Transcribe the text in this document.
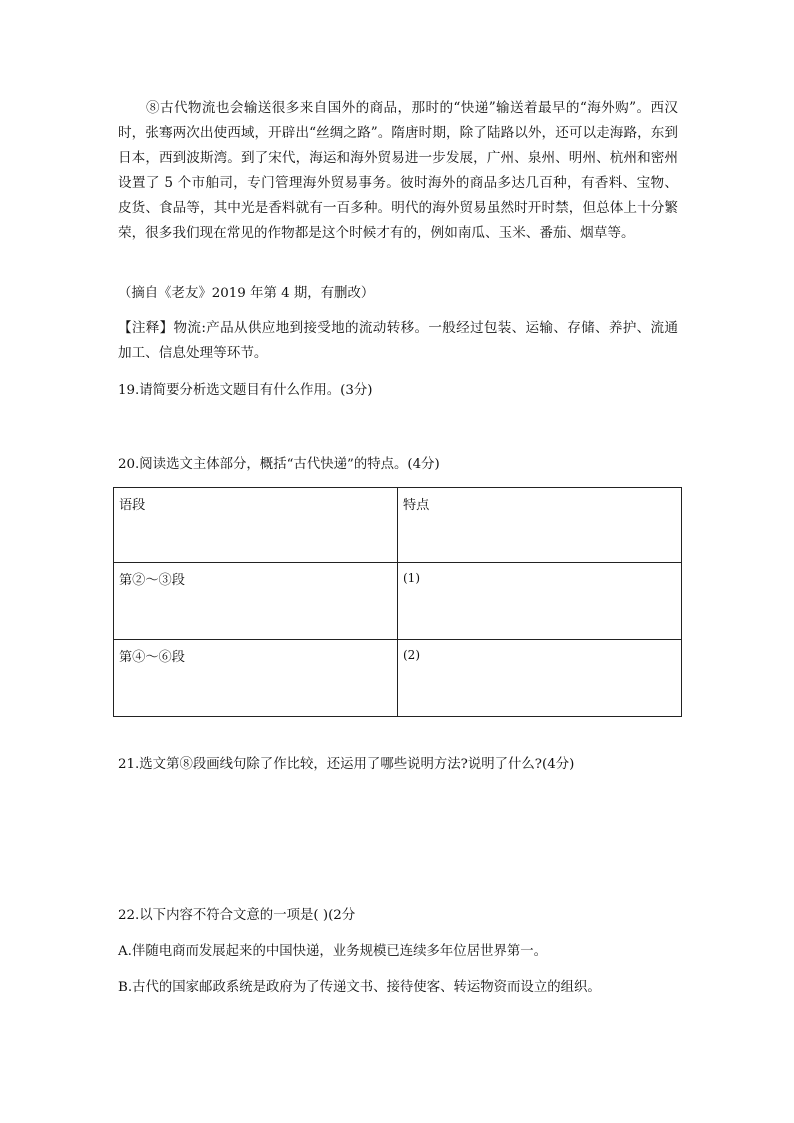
⑧古代物流也会输送很多来自国外的商品，那时的“快递”输送着最早的“海外购”。西汉时，张骞两次出使西域，开辟出“丝绸之路”。隋唐时期，除了陆路以外，还可以走海路，东到日本，西到波斯湾。到了宋代，海运和海外贸易进一步发展，广州、泉州、明州、杭州和密州设置了 5 个市舶司，专门管理海外贸易事务。彼时海外的商品多达几百种，有香料、宝物、皮货、食品等，其中光是香料就有一百多种。明代的海外贸易虽然时开时禁，但总体上十分繁荣，很多我们现在常见的作物都是这个时候才有的，例如南瓜、玉米、番茄、烟草等。

（摘自《老友》2019 年第 4 期，有删改）

【注释】物流:产品从供应地到接受地的流动转移。一般经过包装、运输、存储、养护、流通加工、信息处理等环节。

19.请简要分析选文题目有什么作用。(3分)

20.阅读选文主体部分，概括“古代快递”的特点。(4分)

语段	特点
第②～③段	(1)
第④～⑥段	(2)

21.选文第⑧段画线句除了作比较，还运用了哪些说明方法?说明了什么?(4分)

22.以下内容不符合文意的一项是( )(2分

A.伴随电商而发展起来的中国快递，业务规模已连续多年位居世界第一。

B.古代的国家邮政系统是政府为了传递文书、接待使客、转运物资而设立的组织。
